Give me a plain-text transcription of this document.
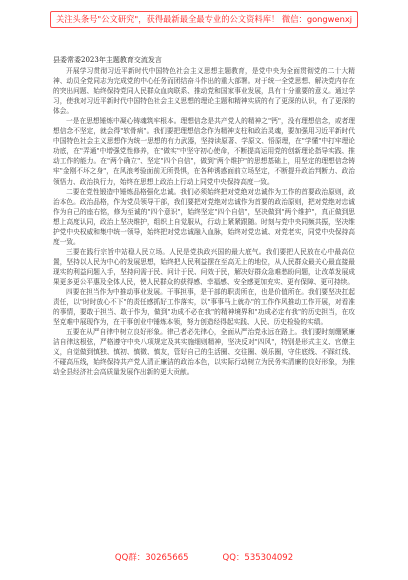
关注头条号"公文研究"，获得最新最全最专业的公文资料库！ 微信：gongwenxj
县委常委2023年主题教育交流发言

开展学习贯彻习近平新时代中国特色社会主义思想主题教育，是党中央为全面贯彻党的二十大精神、动员全党同志为完成党的中心任务而团结奋斗作出的重大部署。对于统一全党思想、解决党内存在的突出问题、始终保持党同人民群众血肉联系、推动党和国家事业发展，具有十分重要的意义。通过学习，使我对习近平新时代中国特色社会主义思想的理论主题和精神实质的有了更深的认识，有了更深的体会。

一是在思想锤炼中凝心铸魂筑牢根本。理想信念是共产党人的精神之"钙"，没有理想信念，或者理想信念不坚定，就会得"软骨病"。我们要把理想信念作为精神支柱和政治灵魂，要加强用习近平新时代中国特色社会主义思想作为统一思想的有力武器，坚持读原著、学原文、悟原理，在"学懂"中打牢理论功底，在"弄通"中增强党性修养，在"做实"中坚守初心使命，不断提高运用党的创新理论指导实践、推动工作的能力。在"两个确立"、坚定"四个自信"，做到"两个维护"的思想基础上，用坚定的理想信念铸牢"金刚不坏之身"，在风浪考验面前无所畏惧，在各种诱惑面前立场坚定，不断提升政治判断力、政治领悟力、政治执行力，始终在思想上政治上行动上同党中央保持高度一致。

二要在党性锻造中锤炼品格强化忠诚。我们必须始终把对党绝对忠诚作为工作的首要政治原则，政治本色。政治品格，作为党员领导干部，我们要把对党绝对忠诚作为首要的政治原则，把对党绝对忠诚作为自己的座右铭，修为至诚的"四个意识"，始终坚定"四个自信"，坚决做到"两个维护"，真正做到思想上高度认同，政治上坚决维护，组织上自觉服从，行动上紧紧跟随。时刻与党中央同频共振，坚决维护党中央权威和集中统一领导，始终把对党忠诚融入血脉，始终对党忠诚、对党老实，同党中央保持高度一致。

三要在践行宗旨中站稳人民立场。人民是党执政兴国的最大底气。我们要把人民放在心中最高位置，坚持以人民为中心的发展思想，始终把人民利益摆在至高无上的地位，从人民群众最关心最直接最现实的利益问题入手，坚持问需于民、问计于民、问效于民，解决好群众急难愁盼问题，让改革发展成果更多更公平惠及全体人民，使人民群众的获得感、幸福感、安全感更加充实、更有保障、更可持续。

四要在担当作为中推动事业发展。干事担事，是干部的职责所在，也是价值所在。我们要坚决扛起责任，以"时时放心不下"的责任感抓好工作落实，以"事事马上就办"的工作作风推动工作开展，对看准的事情，要敢于担当、敢于作为，做到"功成不必在我"的精神境界和"功成必定有我"的历史担当，在攻坚克难中展现作为，在干事创业中锤炼本领，努力创造经得起实践、人民、历史检验的实绩。

五要在从严自律中树立良好形象。律己者必先律心，全面从严治党永远在路上。我们要时刻绷紧廉洁自律这根弦，严格遵守中央八项规定及其实施细则精神，坚决反对"四风"，特别是形式主义、官僚主义，自觉做到慎独、慎初、慎微、慎友，管好自己的生活圈、交往圈、娱乐圈，守住底线、不踩红线、不碰高压线，始终保持共产党人清正廉洁的政治本色，以实际行动树立为民务实清廉的良好形象，为推动全县经济社会高质量发展作出新的更大贡献。

QQ群：30265665	QQ：535304092
